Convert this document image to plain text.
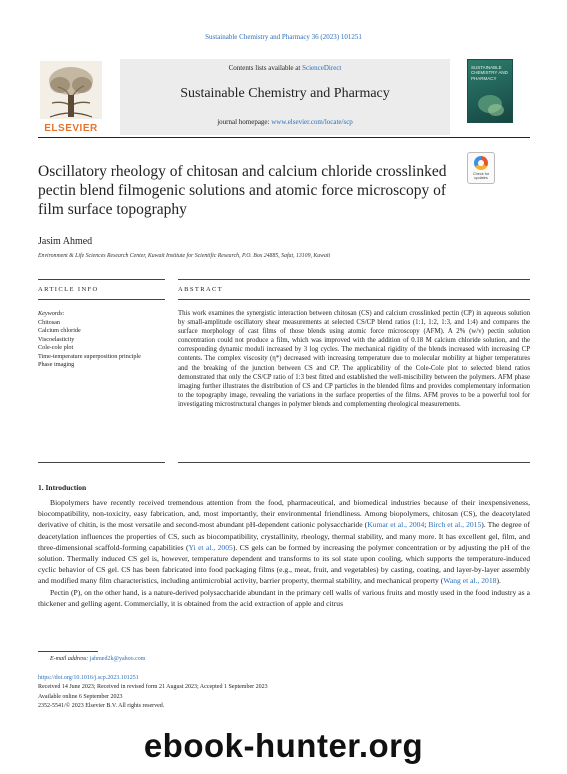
Sustainable Chemistry and Pharmacy 36 (2023) 101251
ELSEVIER
Contents lists available at ScienceDirect
Sustainable Chemistry and Pharmacy
journal homepage: www.elsevier.com/locate/scp
SUSTAINABLE CHEMISTRY AND PHARMACY
Check for updates
Oscillatory rheology of chitosan and calcium chloride crosslinked pectin blend filmogenic solutions and atomic force microscopy of film surface topography
Jasim Ahmed
Environment & Life Sciences Research Center, Kuwait Institute for Scientific Research, P.O. Box 24885, Safat, 13109, Kuwait
ARTICLE INFO	ABSTRACT
Keywords:
Chitosan
Calcium chloride
Viscoelasticity
Cole-cole plot
Time-temperature superposition principle
Phase imaging
This work examines the synergistic interaction between chitosan (CS) and calcium crosslinked pectin (CP) in aqueous solution by small-amplitude oscillatory shear measurements at selected CS/CP blend ratios (1:1, 1:2, 1:3, and 1:4) and compares the surface morphology of cast films of those blends using atomic force microscopy (AFM). A 2% (w/v) pectin solution concentration could not produce a film, which was improved with the addition of 0.18 M calcium chloride solution, and the corresponding dynamic moduli increased by 3 log cycles. The mechanical rigidity of the blends increased with increasing CP contents. The complex viscosity (η*) decreased with increasing temperature due to molecular mobility at higher temperatures and the breaking of the junction between CS and CP. The applicability of the Cole-Cole plot to selected blend ratios demonstrated that only the CS/CP ratio of 1:3 best fitted and established the well-miscibility between the polymers. AFM phase imaging further illustrates the distribution of CS and CP particles in the blended films and provides complementary information to the topography image, revealing the variations in the surface properties of the films. AFM proves to be a powerful tool for investigating microstructural changes in polymer blends and complementing rheological measurements.
1. Introduction

Biopolymers have recently received tremendous attention from the food, pharmaceutical, and biomedical industries because of their inexpensiveness, biocompatibility, non-toxicity, easy fabrication, and, most importantly, their environmental friendliness. Among biopolymers, chitosan (CS), the deacetylated derivative of chitin, is the most versatile and second-most abundant pH-dependent cationic polysaccharide (Kumar et al., 2004; Birch et al., 2015). The degree of deacetylation influences the properties of CS, such as biocompatibility, crystallinity, rheology, thermal stability, and many more. It has excellent gel, film, and three-dimensional scaffold-forming capabilities (Yi et al., 2005). CS gels can be formed by increasing the polymer concentration or by adjusting the pH of the solution. Thermally induced CS gel is, however, temperature dependent and transforms to its sol state upon cooling, which supports the temperature-induced cyclic behavior of CS gel. CS has been fabricated into food packaging films (e.g., meat, fruit, and vegetables) by casting, coating, and layer-by-layer assembly and modified many film characteristics, including antimicrobial activity, barrier property, thermal stability, and mechanical property (Wang et al., 2018).

Pectin (P), on the other hand, is a nature-derived polysaccharide abundant in the primary cell walls of various fruits and mostly used in the food industry as a thickener and gelling agent. Commercially, it is obtained from the acid extraction of apple and citrus

E-mail address: jahmed2k@yahoo.com
https://doi.org/10.1016/j.scp.2023.101251
Received 14 June 2023; Received in revised form 21 August 2023; Accepted 1 September 2023
Available online 6 September 2023
2352-5541/© 2023 Elsevier B.V. All rights reserved.
ebook-hunter.org
